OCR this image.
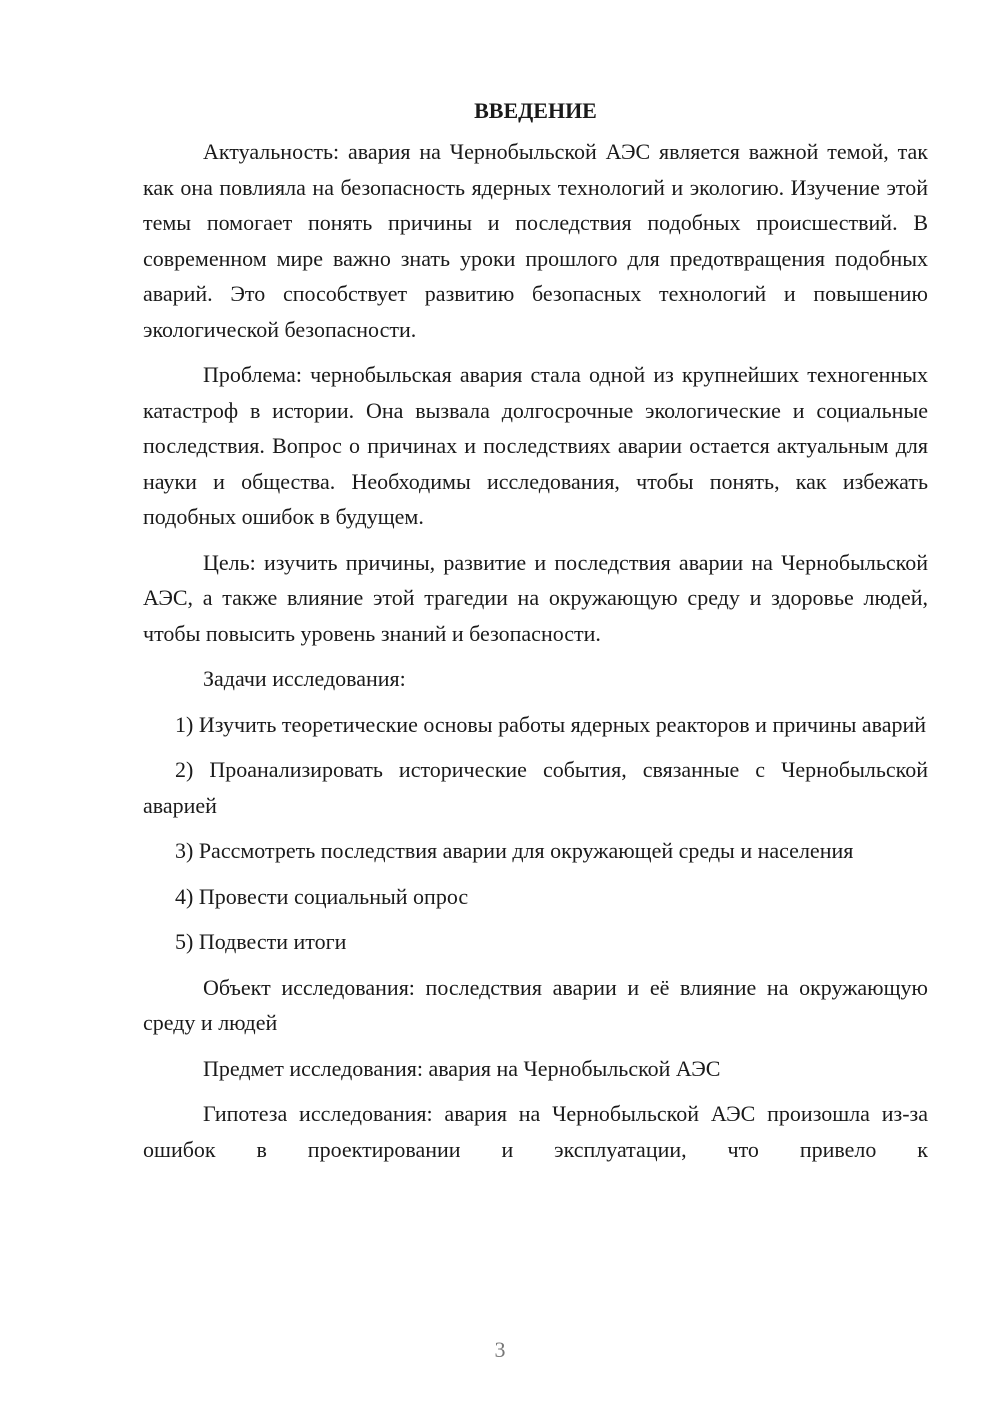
ВВЕДЕНИЕ

Актуальность: авария на Чернобыльской АЭС является важной темой, так как она повлияла на безопасность ядерных технологий и экологию. Изучение этой темы помогает понять причины и последствия подобных происшествий. В современном мире важно знать уроки прошлого для предотвращения подобных аварий. Это способствует развитию безопасных технологий и повышению экологической безопасности.

Проблема: чернобыльская авария стала одной из крупнейших техногенных катастроф в истории. Она вызвала долгосрочные экологические и социальные последствия. Вопрос о причинах и последствиях аварии остается актуальным для науки и общества. Необходимы исследования, чтобы понять, как избежать подобных ошибок в будущем.

Цель: изучить причины, развитие и последствия аварии на Чернобыльской АЭС, а также влияние этой трагедии на окружающую среду и здоровье людей, чтобы повысить уровень знаний и безопасности.

Задачи исследования:

1) Изучить теоретические основы работы ядерных реакторов и причины аварий

2) Проанализировать исторические события, связанные с Чернобыльской аварией

3) Рассмотреть последствия аварии для окружающей среды и населения

4) Провести социальный опрос

5) Подвести итоги

Объект исследования: последствия аварии и её влияние на окружающую среду и людей

Предмет исследования: авария на Чернобыльской АЭС

Гипотеза исследования: авария на Чернобыльской АЭС произошла из-за ошибок в проектировании и эксплуатации, что привело к

3
